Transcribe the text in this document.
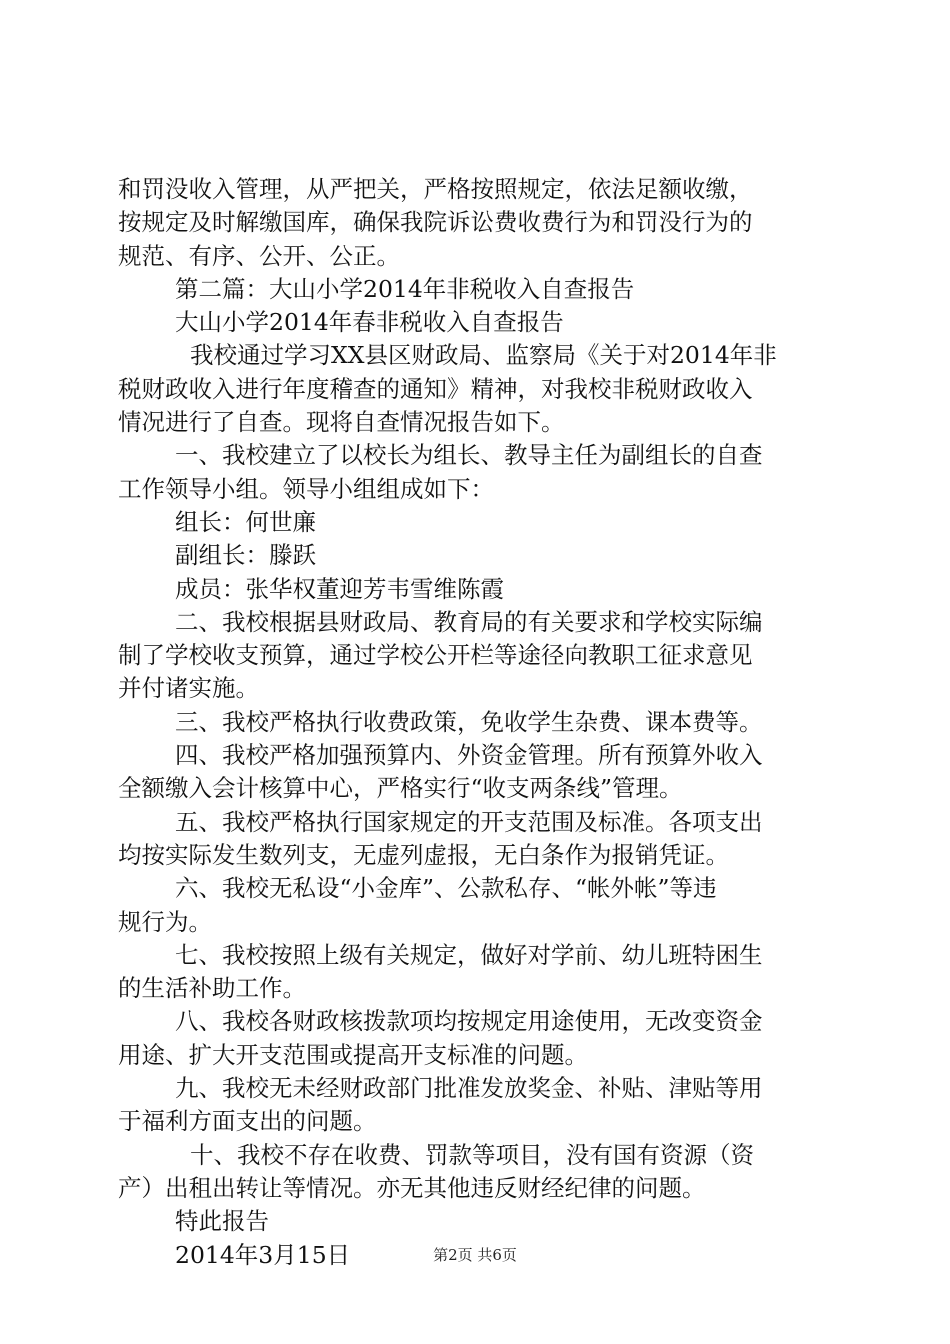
和罚没收入管理，从严把关，严格按照规定，依法足额收缴，
按规定及时解缴国库，确保我院诉讼费收费行为和罚没行为的
规范、有序、公开、公正。
第二篇：大山小学2014年非税收入自查报告
大山小学2014年春非税收入自查报告
我校通过学习XX县区财政局、监察局《关于对2014年非
税财政收入进行年度稽查的通知》精神，对我校非税财政收入
情况进行了自查。现将自查情况报告如下。
一、我校建立了以校长为组长、教导主任为副组长的自查
工作领导小组。领导小组组成如下：
组长：何世廉
副组长：滕跃
成员：张华权董迎芳韦雪维陈霞
二、我校根据县财政局、教育局的有关要求和学校实际编
制了学校收支预算，通过学校公开栏等途径向教职工征求意见
并付诸实施。
三、我校严格执行收费政策，免收学生杂费、课本费等。
四、我校严格加强预算内、外资金管理。所有预算外收入
全额缴入会计核算中心，严格实行“收支两条线”管理。
五、我校严格执行国家规定的开支范围及标准。各项支出
均按实际发生数列支，无虚列虚报，无白条作为报销凭证。
六、我校无私设“小金库”、公款私存、“帐外帐”等违
规行为。
七、我校按照上级有关规定，做好对学前、幼儿班特困生
的生活补助工作。
八、我校各财政核拨款项均按规定用途使用，无改变资金
用途、扩大开支范围或提高开支标准的问题。
九、我校无未经财政部门批准发放奖金、补贴、津贴等用
于福利方面支出的问题。
十、我校不存在收费、罚款等项目，没有国有资源（资
产）出租出转让等情况。亦无其他违反财经纪律的问题。
特此报告
2014年3月15日	第2页 共6页
